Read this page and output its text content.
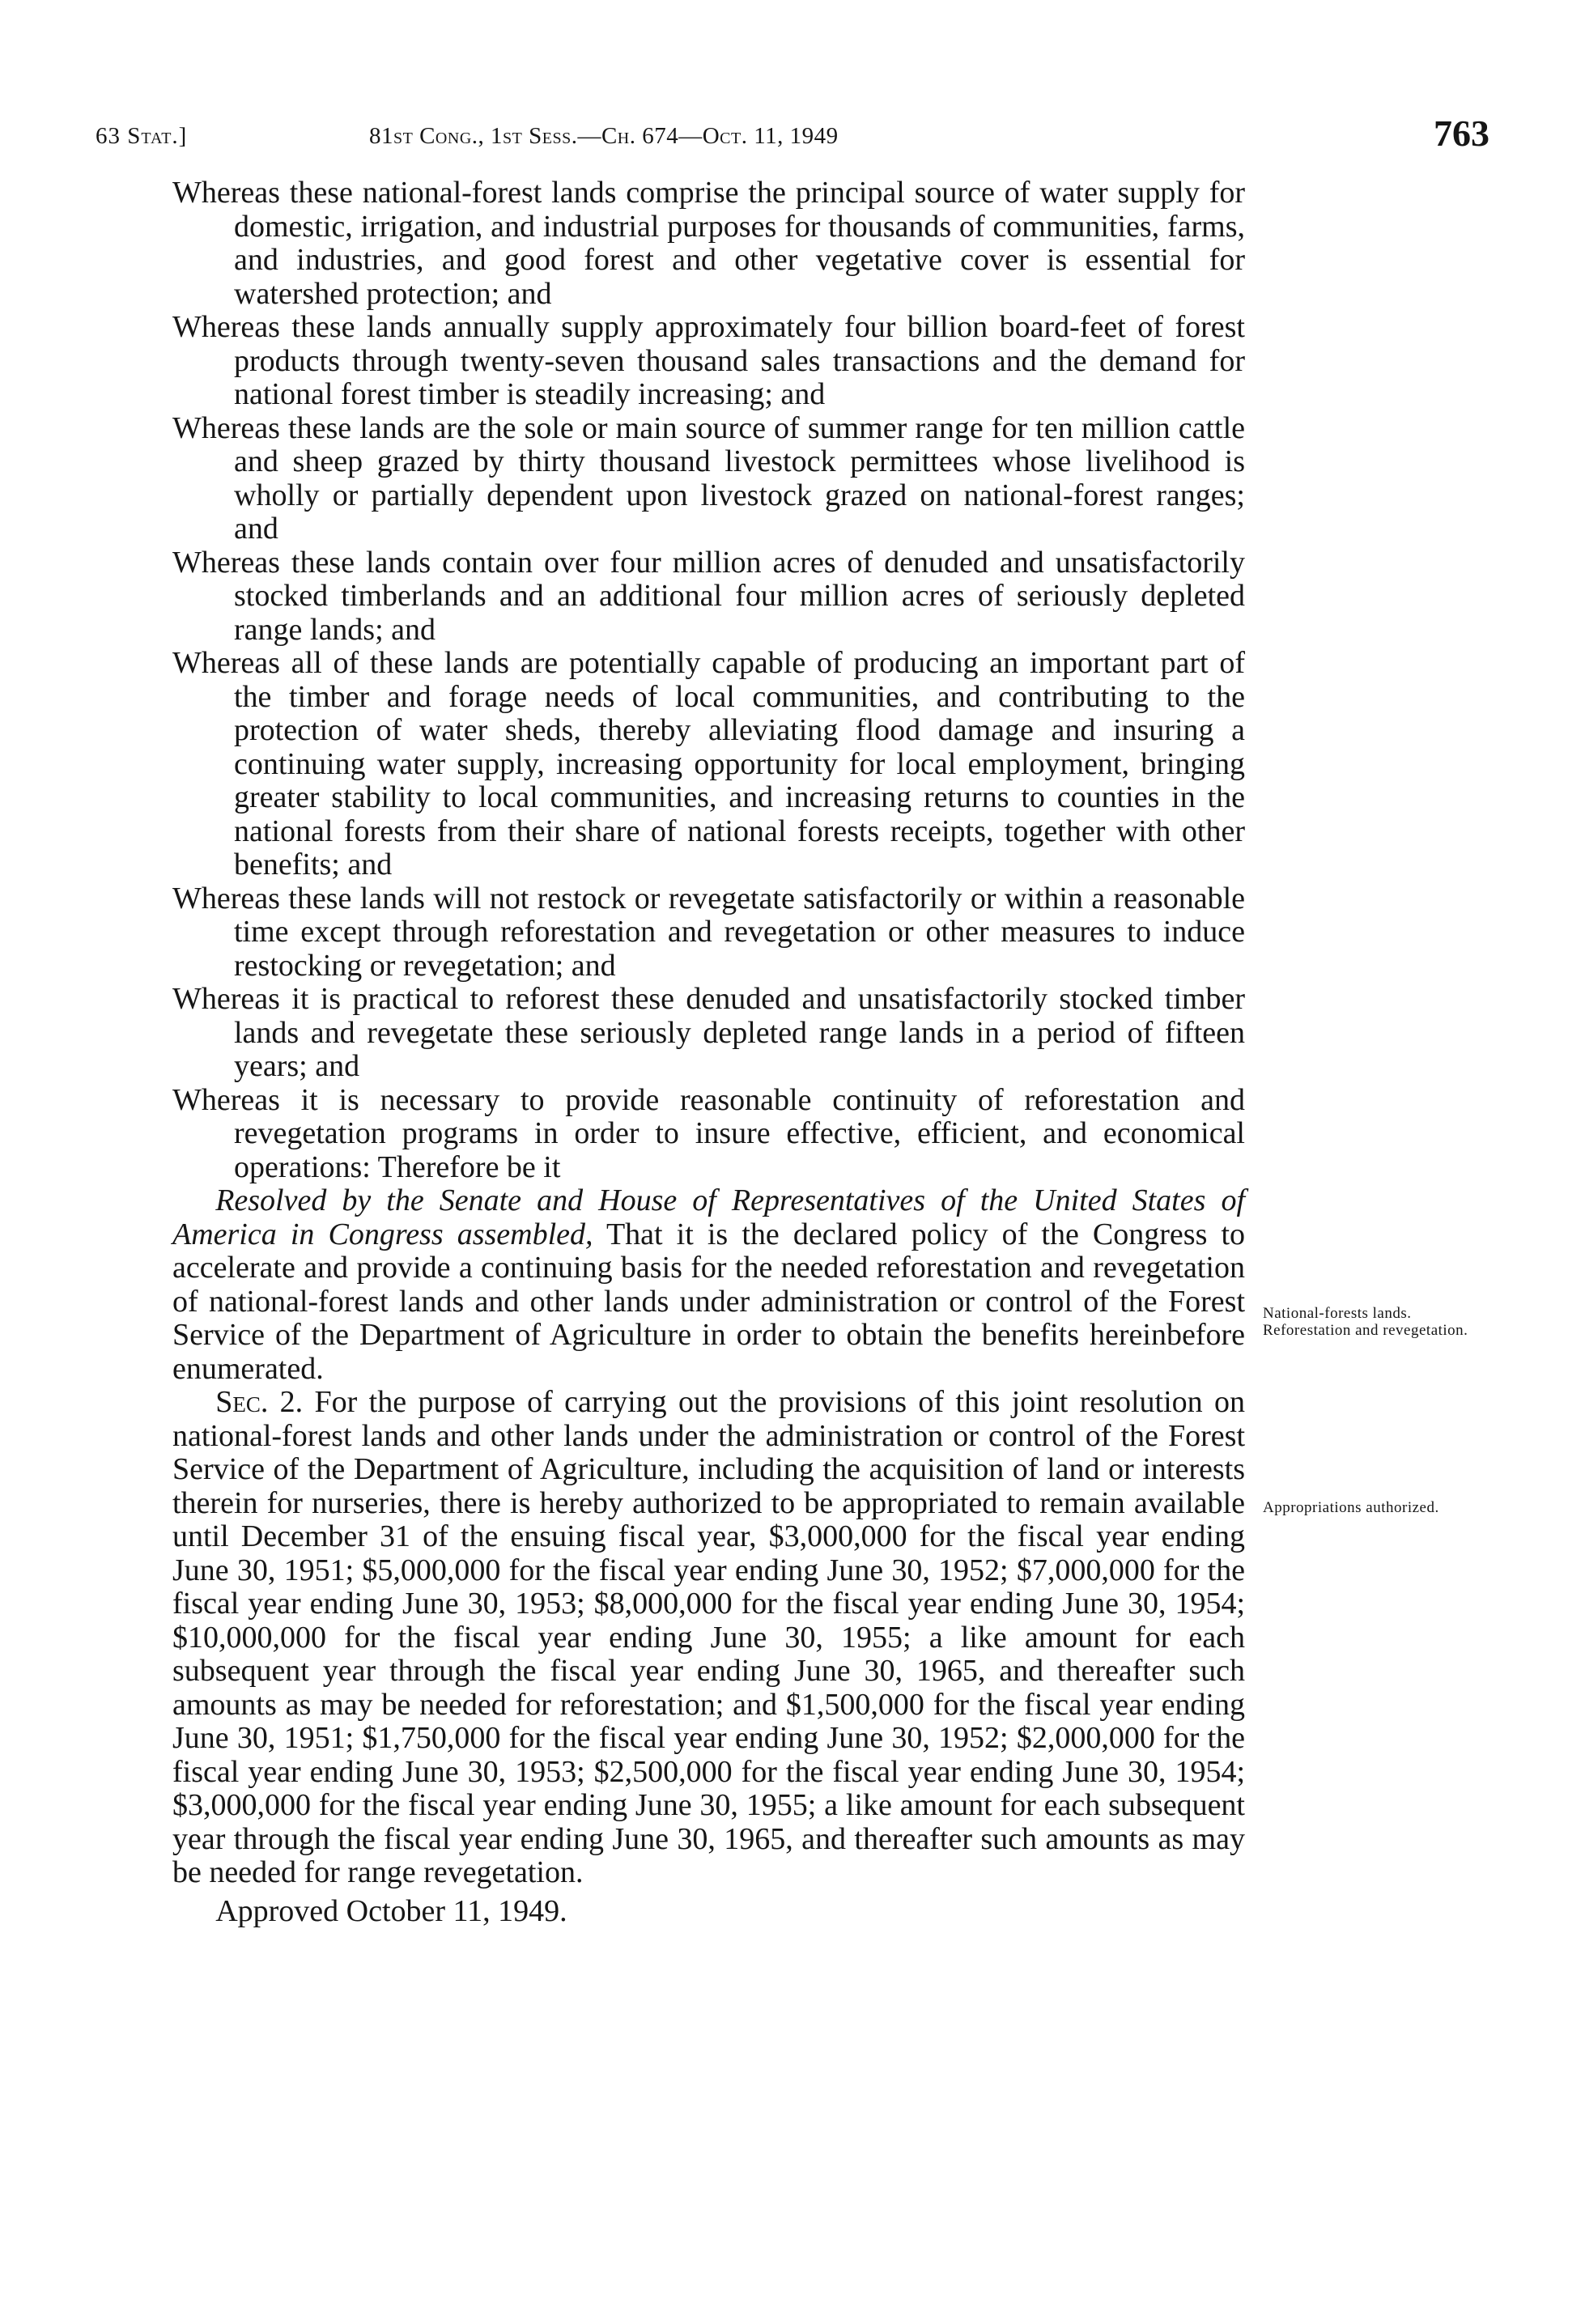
63 Stat.]	81st Cong., 1st Sess.—Ch. 674—Oct. 11, 1949	763

Whereas these national-forest lands comprise the principal source of water supply for domestic, irrigation, and industrial purposes for thousands of communities, farms, and industries, and good forest and other vegetative cover is essential for watershed protection; and

Whereas these lands annually supply approximately four billion board-feet of forest products through twenty-seven thousand sales transactions and the demand for national forest timber is steadily increasing; and

Whereas these lands are the sole or main source of summer range for ten million cattle and sheep grazed by thirty thousand livestock permittees whose livelihood is wholly or partially dependent upon livestock grazed on national-forest ranges; and

Whereas these lands contain over four million acres of denuded and unsatisfactorily stocked timberlands and an additional four million acres of seriously depleted range lands; and

Whereas all of these lands are potentially capable of producing an important part of the timber and forage needs of local communities, and contributing to the protection of water sheds, thereby alleviating flood damage and insuring a continuing water supply, increasing opportunity for local employment, bringing greater stability to local communities, and increasing returns to counties in the national forests from their share of national forests receipts, together with other benefits; and

Whereas these lands will not restock or revegetate satisfactorily or within a reasonable time except through reforestation and revegetation or other measures to induce restocking or revegetation; and

Whereas it is practical to reforest these denuded and unsatisfactorily stocked timber lands and revegetate these seriously depleted range lands in a period of fifteen years; and

Whereas it is necessary to provide reasonable continuity of reforestation and revegetation programs in order to insure effective, efficient, and economical operations: Therefore be it

Resolved by the Senate and House of Representatives of the United States of America in Congress assembled, That it is the declared policy of the Congress to accelerate and provide a continuing basis for the needed reforestation and revegetation of national-forest lands and other lands under administration or control of the Forest Service of the Department of Agriculture in order to obtain the benefits hereinbefore enumerated.

Sec. 2. For the purpose of carrying out the provisions of this joint resolution on national-forest lands and other lands under the administration or control of the Forest Service of the Department of Agriculture, including the acquisition of land or interests therein for nurseries, there is hereby authorized to be appropriated to remain available until December 31 of the ensuing fiscal year, $3,000,000 for the fiscal year ending June 30, 1951; $5,000,000 for the fiscal year ending June 30, 1952; $7,000,000 for the fiscal year ending June 30, 1953; $8,000,000 for the fiscal year ending June 30, 1954; $10,000,000 for the fiscal year ending June 30, 1955; a like amount for each subsequent year through the fiscal year ending June 30, 1965, and thereafter such amounts as may be needed for reforestation; and $1,500,000 for the fiscal year ending June 30, 1951; $1,750,000 for the fiscal year ending June 30, 1952; $2,000,000 for the fiscal year ending June 30, 1953; $2,500,000 for the fiscal year ending June 30, 1954; $3,000,000 for the fiscal year ending June 30, 1955; a like amount for each subsequent year through the fiscal year ending June 30, 1965, and thereafter such amounts as may be needed for range revegetation.

Approved October 11, 1949.

National-forests lands.
Reforestation and revegetation.
Appropriations authorized.
